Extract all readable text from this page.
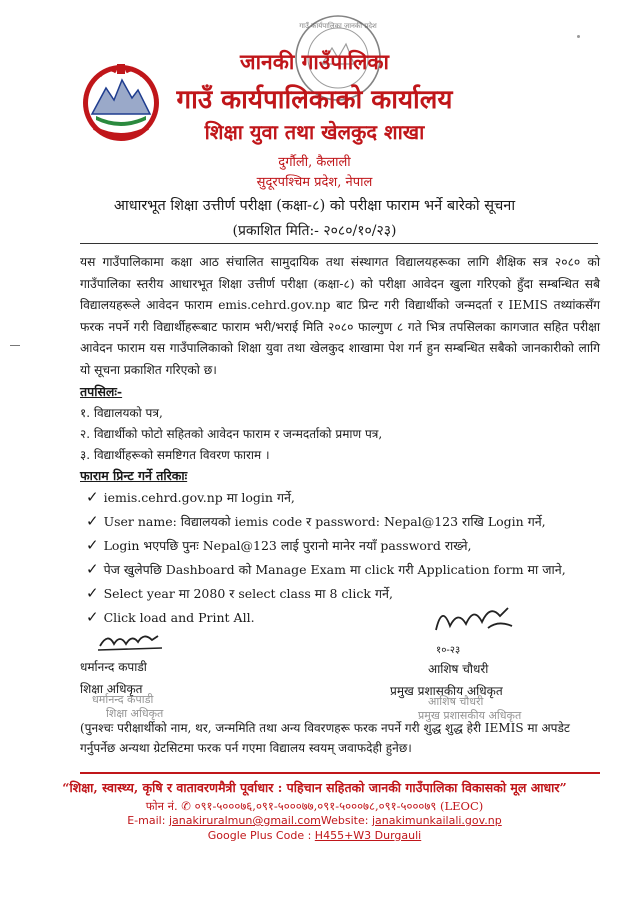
गाउँ कार्यपालिका जानकी प्रदेश
जानकी गाउँपालिका
गाउँ कार्यपालिकाको कार्यालय
शिक्षा युवा तथा खेलकुद शाखा
दुर्गौली, कैलाली
सुदूरपश्चिम प्रदेश, नेपाल
आधारभूत शिक्षा उत्तीर्ण परीक्षा (कक्षा-८) को परीक्षा फाराम भर्ने बारेको सूचना
(प्रकाशित मिति:- २०८०/१०/२३)
यस गाउँपालिकामा कक्षा आठ संचालित सामुदायिक तथा संस्थागत विद्यालयहरूका लागि शैक्षिक सत्र २०८० को गाउँपालिका स्तरीय आधारभूत शिक्षा उत्तीर्ण परीक्षा (कक्षा-८) को परीक्षा आवेदन खुला गरिएको हुँदा सम्बन्धित सबै विद्यालयहरूले आवेदन फाराम emis.cehrd.gov.np बाट प्रिन्ट गरी विद्यार्थीको जन्मदर्ता र IEMIS तथ्यांकसँग फरक नपर्ने गरी विद्यार्थीहरूबाट फाराम भरी/भराई मिति २०८० फाल्गुण ८ गते भित्र तपसिलका कागजात सहित परीक्षा आवेदन फाराम यस गाउँपालिकाको शिक्षा युवा तथा खेलकुद शाखामा पेश गर्न हुन सम्बन्धित सबैको जानकारीको लागि यो सूचना प्रकाशित गरिएको छ।
तपसिलः-
१. विद्यालयको पत्र,
२. विद्यार्थीको फोटो सहितको आवेदन फाराम र जन्मदर्ताको प्रमाण पत्र,
३. विद्यार्थीहरूको समष्टिगत विवरण फाराम ।
फाराम प्रिन्ट गर्ने तरिकाः
✓ iemis.cehrd.gov.np मा login गर्ने,
✓ User name: विद्यालयको iemis code र password: Nepal@123 राखि Login गर्ने,
✓ Login भएपछि पुनः Nepal@123 लाई पुरानो मानेर नयाँ password राख्ने,
✓ पेज खुलेपछि Dashboard को Manage Exam मा click गरी Application form मा जाने,
✓ Select year मा 2080 र select class मा 8 click गर्ने,
✓ Click load and Print All.
धर्मानन्द कपाडी
शिक्षा अधिकृत
धर्मानन्द कपाडी
शिक्षा अधिकृत
१०-२३
आशिष चौधरी
प्रमुख प्रशासकीय अधिकृत
आशिष चौधरी
प्रमुख प्रशासकीय अधिकृत
(पुनश्चः परीक्षार्थीको नाम, थर, जन्ममिति तथा अन्य विवरणहरू फरक नपर्ने गरी शुद्ध शुद्ध हेरी IEMIS मा अपडेट गर्नुपर्नेछ अन्यथा ग्रेटसिटमा फरक पर्न गएमा विद्यालय स्वयम् जवाफदेही हुनेछ।
“शिक्षा, स्वास्थ्य, कृषि र वातावरणमैत्री पूर्वाधार : पहिचान सहितको जानकी गाउँपालिका विकासको मूल आधार”
फोन नं. ✆ ०९१-५०००७६,०९१-५०००७७,०९१-५०००७८,०९१-५०००७९ (LEOC)
E-mail: janakiruralmun@gmail.comWebsite: janakimunkailali.gov.np
Google Plus Code : H455+W3 Durgauli
